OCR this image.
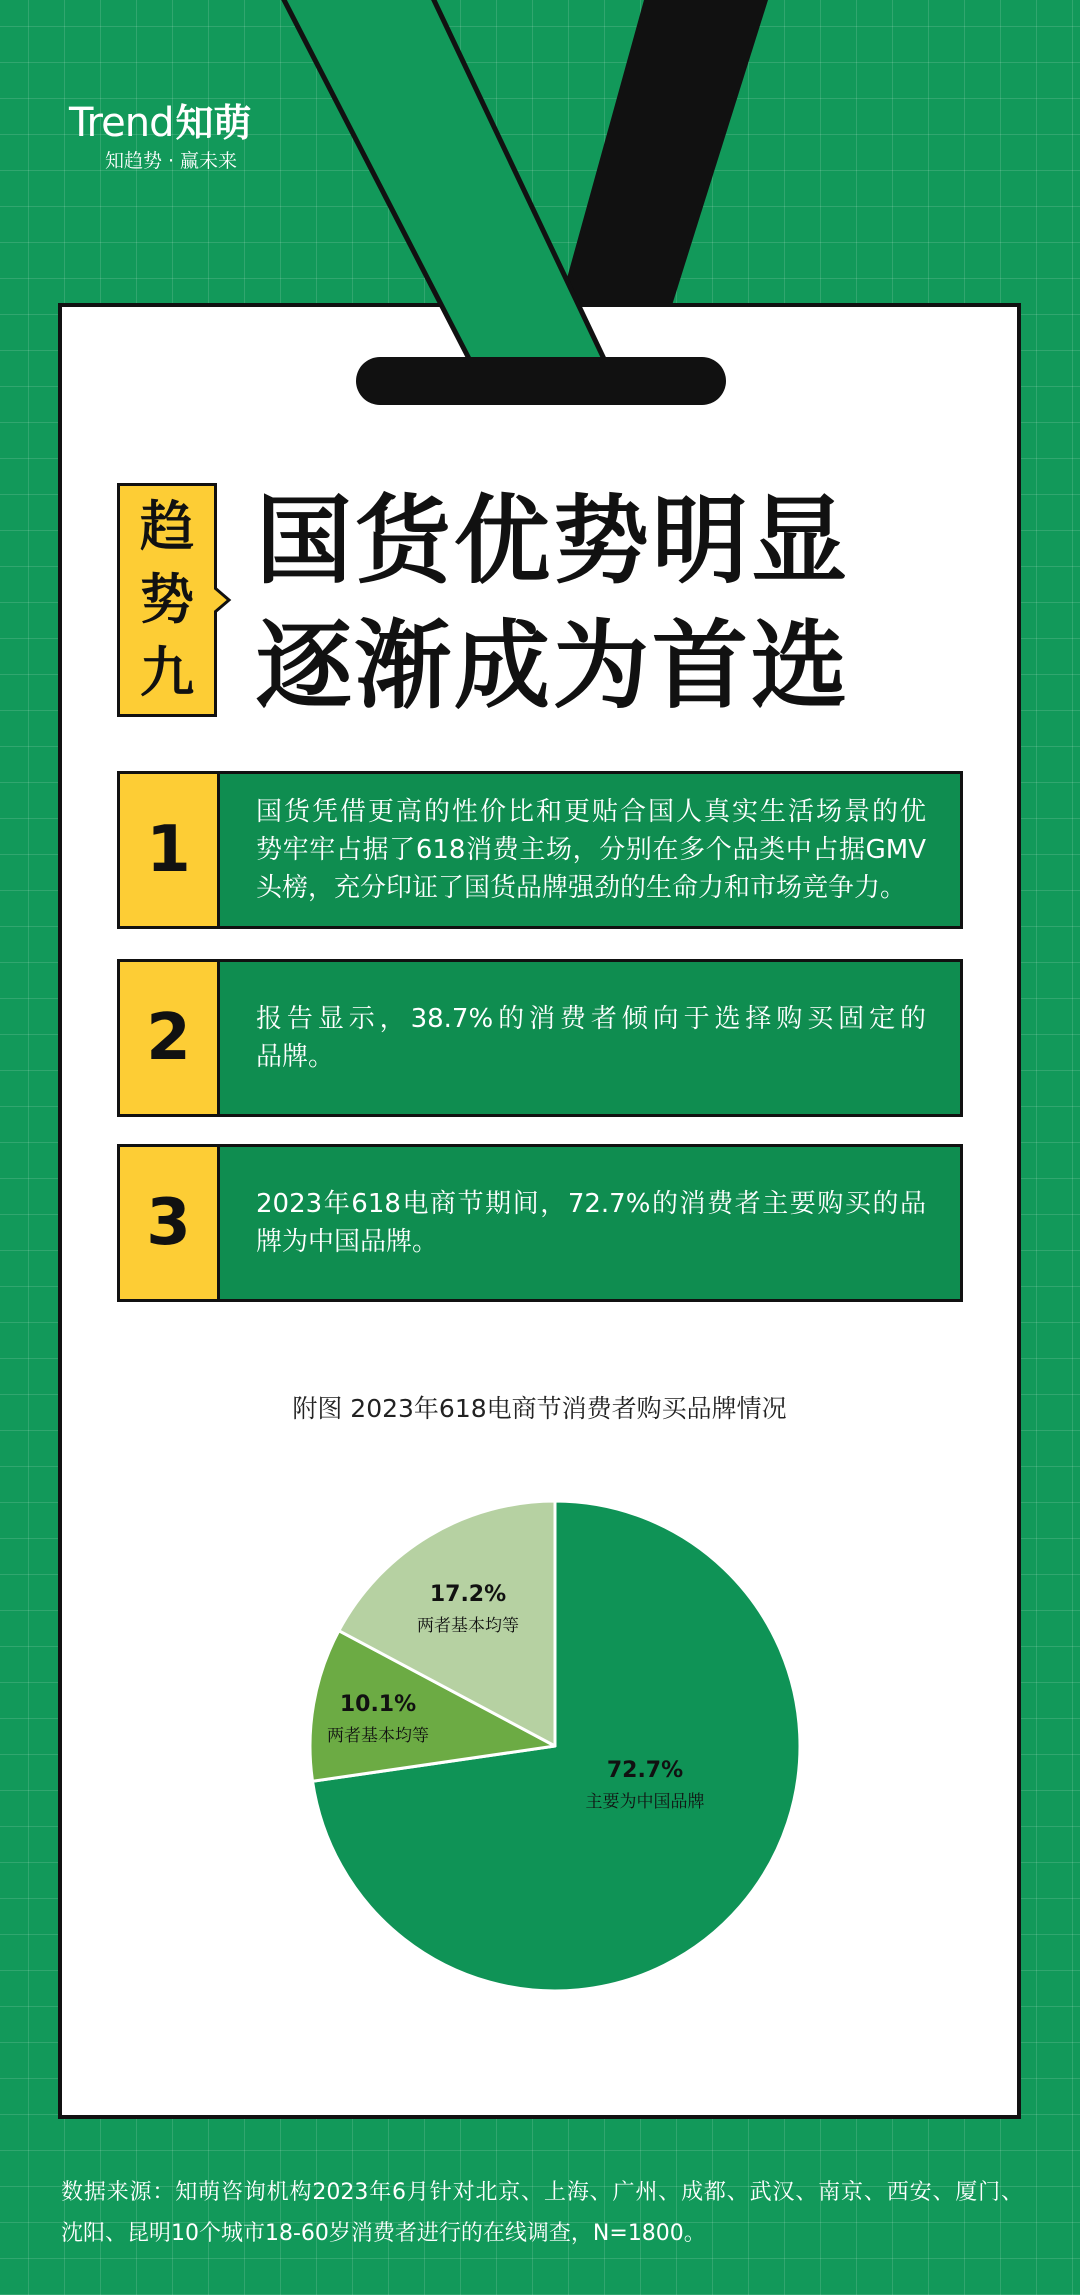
Trend知萌
知趋势 · 赢未来
趋势九
国货优势明显
逐渐成为首选
1
国货凭借更高的性价比和更贴合国人真实生活场景的优
势牢牢占据了618消费主场，分别在多个品类中占据GMV
头榜，充分印证了国货品牌强劲的生命力和市场竞争力。
2	报告显示，38.7%的消费者倾向于选择购买固定的
品牌。
3	2023年618电商节期间，72.7%的消费者主要购买的品
牌为中国品牌。
附图 2023年618电商节消费者购买品牌情况
72.7%
主要为中国品牌
10.1%
两者基本均等
17.2%
两者基本均等
数据来源：知萌咨询机构2023年6月针对北京、上海、广州、成都、武汉、南京、西安、厦门、
沈阳、昆明10个城市18-60岁消费者进行的在线调查，N=1800。
